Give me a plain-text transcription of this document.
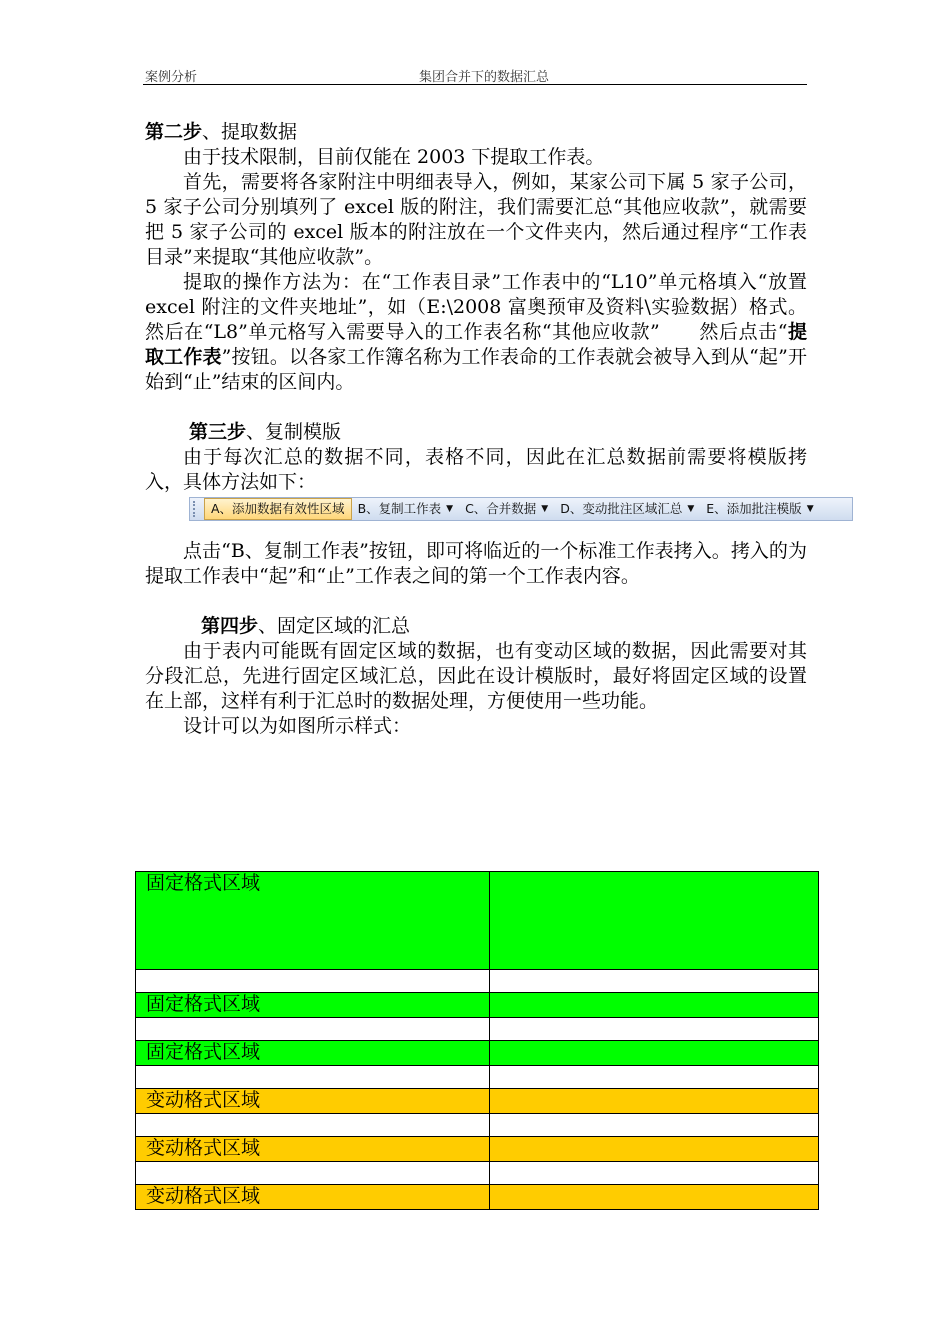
案例分析	集团合并下的数据汇总

第二步、提取数据

由于技术限制，目前仅能在 2003 下提取工作表。

首先，需要将各家附注中明细表导入，例如，某家公司下属 5 家子公司，5 家子公司分别填列了 excel 版的附注，我们需要汇总“其他应收款”，就需要把 5 家子公司的 excel 版本的附注放在一个文件夹内，然后通过程序“工作表目录”来提取“其他应收款”。

提取的操作方法为：在“工作表目录”工作表中的“L10”单元格填入“放置 excel 附注的文件夹地址”，如（E:\2008 富奥预审及资料\实验数据）格式。然后在“L8”单元格写入需要导入的工作表名称“其他应收款”　　然后点击“提取工作表”按钮。以各家工作簿名称为工作表命的工作表就会被导入到从“起”开始到“止”结束的区间内。

第三步、复制模版

由于每次汇总的数据不同，表格不同，因此在汇总数据前需要将模版拷入，具体方法如下：

A、添加数据有效性区域	B、复制工作表 ▼ C、合并数据 ▼ D、变动批注区域汇总 ▼ E、添加批注模版 ▼

点击“B、复制工作表”按钮，即可将临近的一个标准工作表拷入。拷入的为提取工作表中“起”和“止”工作表之间的第一个工作表内容。

第四步、固定区域的汇总

由于表内可能既有固定区域的数据，也有变动区域的数据，因此需要对其分段汇总，先进行固定区域汇总，因此在设计模版时，最好将固定区域的设置在上部，这样有利于汇总时的数据处理，方便使用一些功能。

设计可以为如图所示样式：

固定格式区域	

固定格式区域	

固定格式区域	

变动格式区域	

变动格式区域	

变动格式区域	
